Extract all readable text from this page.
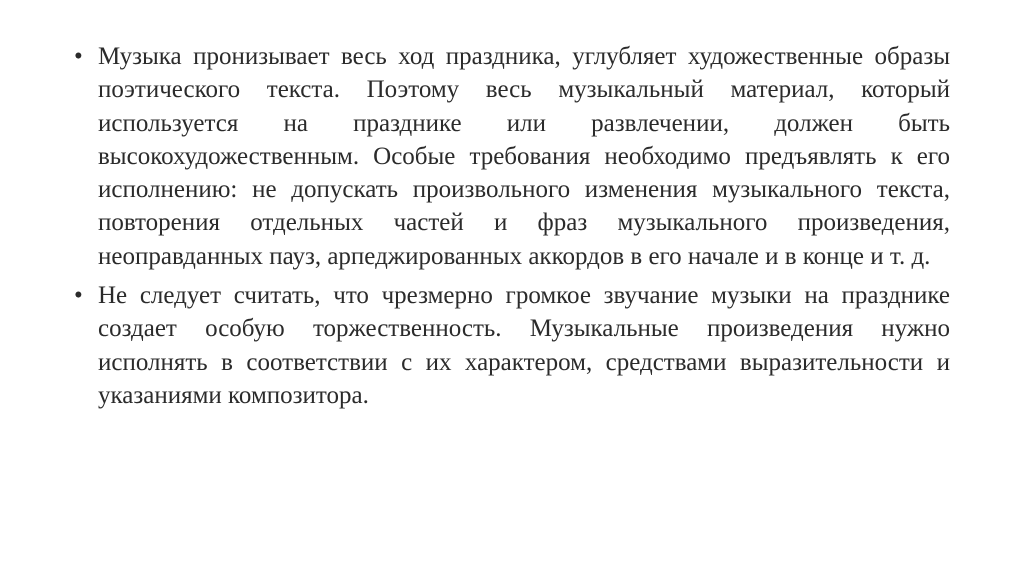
• Музыка пронизывает весь ход праздника, углубляет художественные образы поэтического текста. Поэтому весь музыкальный материал, который используется на празднике или развлечении, должен быть высокохудожественным. Особые требования необходимо предъявлять к его исполнению: не допускать произвольного изменения музыкального текста, повторения отдельных частей и фраз музыкального произведения, неоправданных пауз, арпеджированных аккордов в его начале и в конце и т. д.
• Не следует считать, что чрезмерно громкое звучание музыки на празднике создает особую торжественность. Музыкальные произведения нужно исполнять в соответствии с их характером, средствами выразительности и указаниями композитора.
